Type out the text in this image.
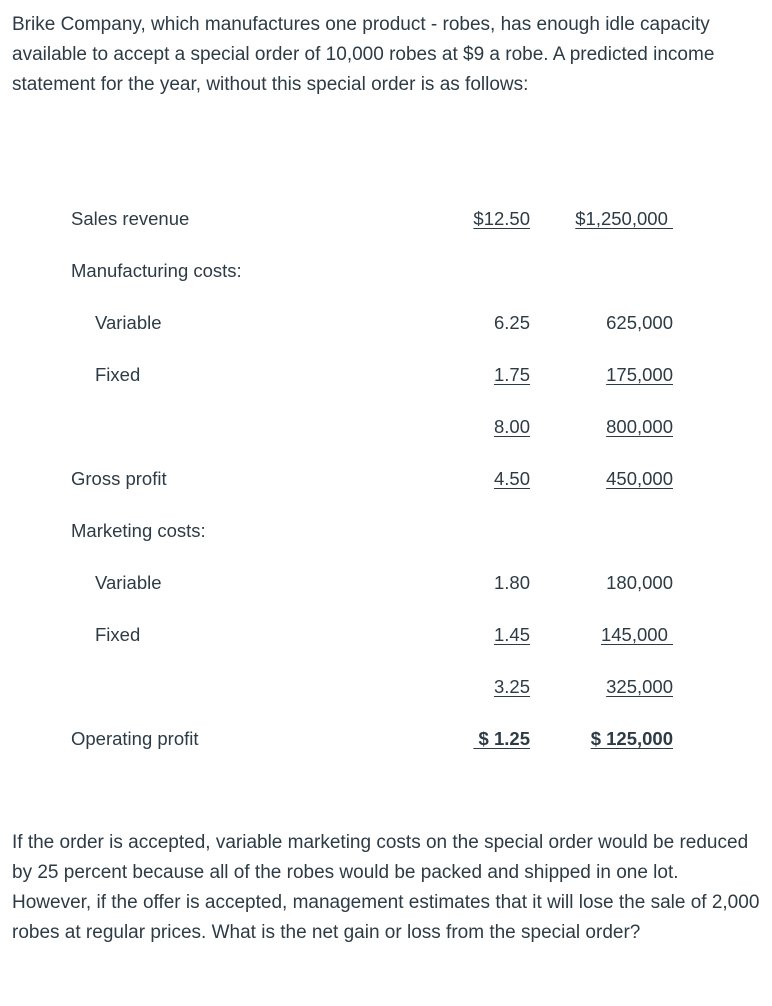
Brike Company, which manufactures one product - robes, has enough idle capacity available to accept a special order of 10,000 robes at $9 a robe. A predicted income statement for the year, without this special order is as follows:

Sales revenue	$12.50 $1,250,000
Manufacturing costs:
Variable	6.25	625,000
Fixed	1.75	175,000
8.00	800,000
Gross profit	4.50	450,000
Marketing costs:
Variable	1.80	180,000
Fixed	1.45	145,000
3.25	325,000
Operating profit	$ 1.25	$ 125,000

If the order is accepted, variable marketing costs on the special order would be reduced by 25 percent because all of the robes would be packed and shipped in one lot. However, if the offer is accepted, management estimates that it will lose the sale of 2,000 robes at regular prices. What is the net gain or loss from the special order?
